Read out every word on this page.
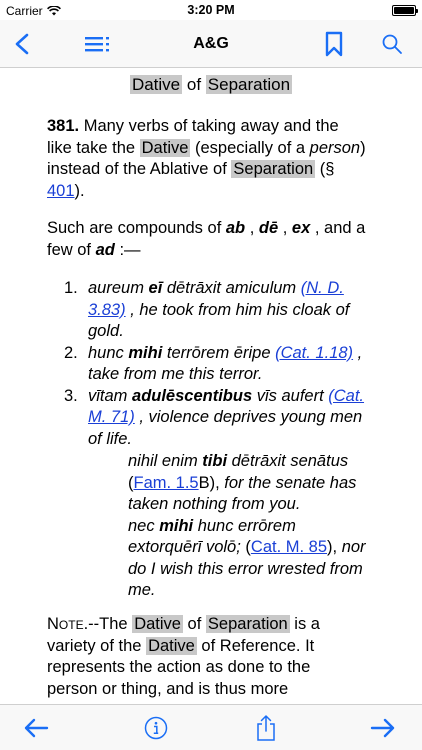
Carrier	3:20 PM
A&G
Dative of Separation
381. Many verbs of taking away and the like take the Dative (especially of a person) instead of the Ablative of Separation (§ 401).
Such are compounds of ab , dē , ex , and a few of ad :—
1. aureum eī dētrāxit amiculum (N. D. 3.83) , he took from him his cloak of gold.
2. hunc mihi terrōrem ēripe (Cat. 1.18) , take from me this terror.
3. vītam adulēscentibus vīs aufert (Cat. M. 71) , violence deprives young men of life.
nihil enim tibi dētrāxit senātus (Fam. 1.5B), for the senate has taken nothing from you.
nec mihi hunc errōrem extorquērī volō; (Cat. M. 85), nor do I wish this error wrested from me.
Note.--The Dative of Separation is a variety of the Dative of Reference. It represents the action as done to the person or thing, and is thus more
